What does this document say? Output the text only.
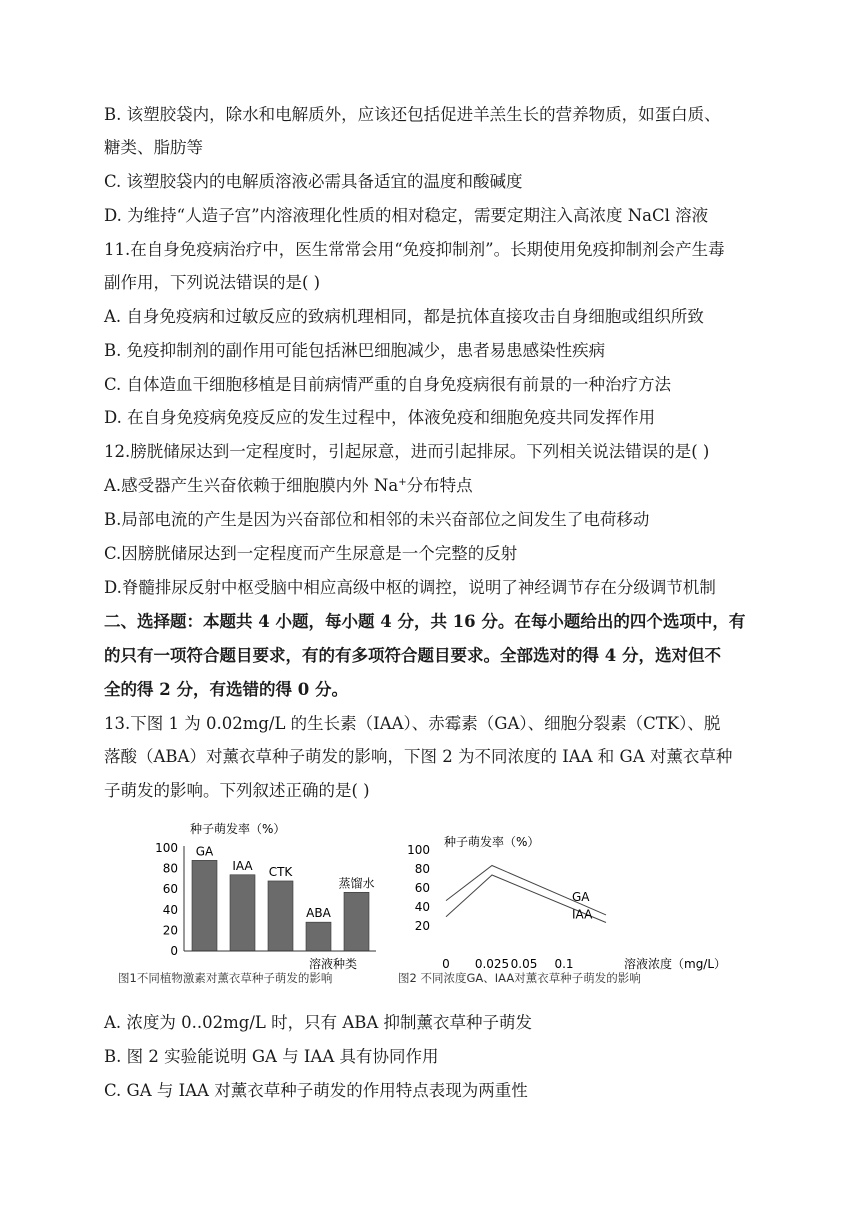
B. 该塑胶袋内，除水和电解质外，应该还包括促进羊羔生长的营养物质，如蛋白质、
糖类、脂肪等
C. 该塑胶袋内的电解质溶液必需具备适宜的温度和酸碱度
D. 为维持“人造子宫”内溶液理化性质的相对稳定，需要定期注入高浓度 NaCl 溶液
11.在自身免疫病治疗中，医生常常会用“免疫抑制剂”。长期使用免疫抑制剂会产生毒
副作用，下列说法错误的是( )
A. 自身免疫病和过敏反应的致病机理相同，都是抗体直接攻击自身细胞或组织所致
B. 免疫抑制剂的副作用可能包括淋巴细胞减少，患者易患感染性疾病
C. 自体造血干细胞移植是目前病情严重的自身免疫病很有前景的一种治疗方法
D. 在自身免疫病免疫反应的发生过程中，体液免疫和细胞免疫共同发挥作用
12.膀胱储尿达到一定程度时，引起尿意，进而引起排尿。下列相关说法错误的是( )
A.感受器产生兴奋依赖于细胞膜内外 Na+分布特点
B.局部电流的产生是因为兴奋部位和相邻的未兴奋部位之间发生了电荷移动
C.因膀胱储尿达到一定程度而产生尿意是一个完整的反射
D.脊髓排尿反射中枢受脑中相应高级中枢的调控，说明了神经调节存在分级调节机制
二、选择题：本题共 4 小题，每小题 4 分，共 16 分。在每小题给出的四个选项中，有
的只有一项符合题目要求，有的有多项符合题目要求。全部选对的得 4 分，选对但不
全的得 2 分，有选错的得 0 分。
13.下图 1 为 0.02mg/L 的生长素（IAA）、赤霉素（GA）、细胞分裂素（CTK）、脱
落酸（ABA）对薰衣草种子萌发的影响，下图 2 为不同浓度的 IAA 和 GA 对薰衣草种
子萌发的影响。下列叙述正确的是( )
种子萌发率（%）
0
20
40
60
80
100 GA
IAA CTK
ABA
蒸馏水
溶液种类
图1不同植物激素对薰衣草种子萌发的影响
种子萌发率（%）
20
40
60
80
100
0 0.025 0.05 0.1
GA
IAA
溶液浓度（mg/L）
图2 不同浓度GA、IAA对薰衣草种子萌发的影响
A. 浓度为 0..02mg/L 时，只有 ABA 抑制薰衣草种子萌发
B. 图 2 实验能说明 GA 与 IAA 具有协同作用
C. GA 与 IAA 对薰衣草种子萌发的作用特点表现为两重性
